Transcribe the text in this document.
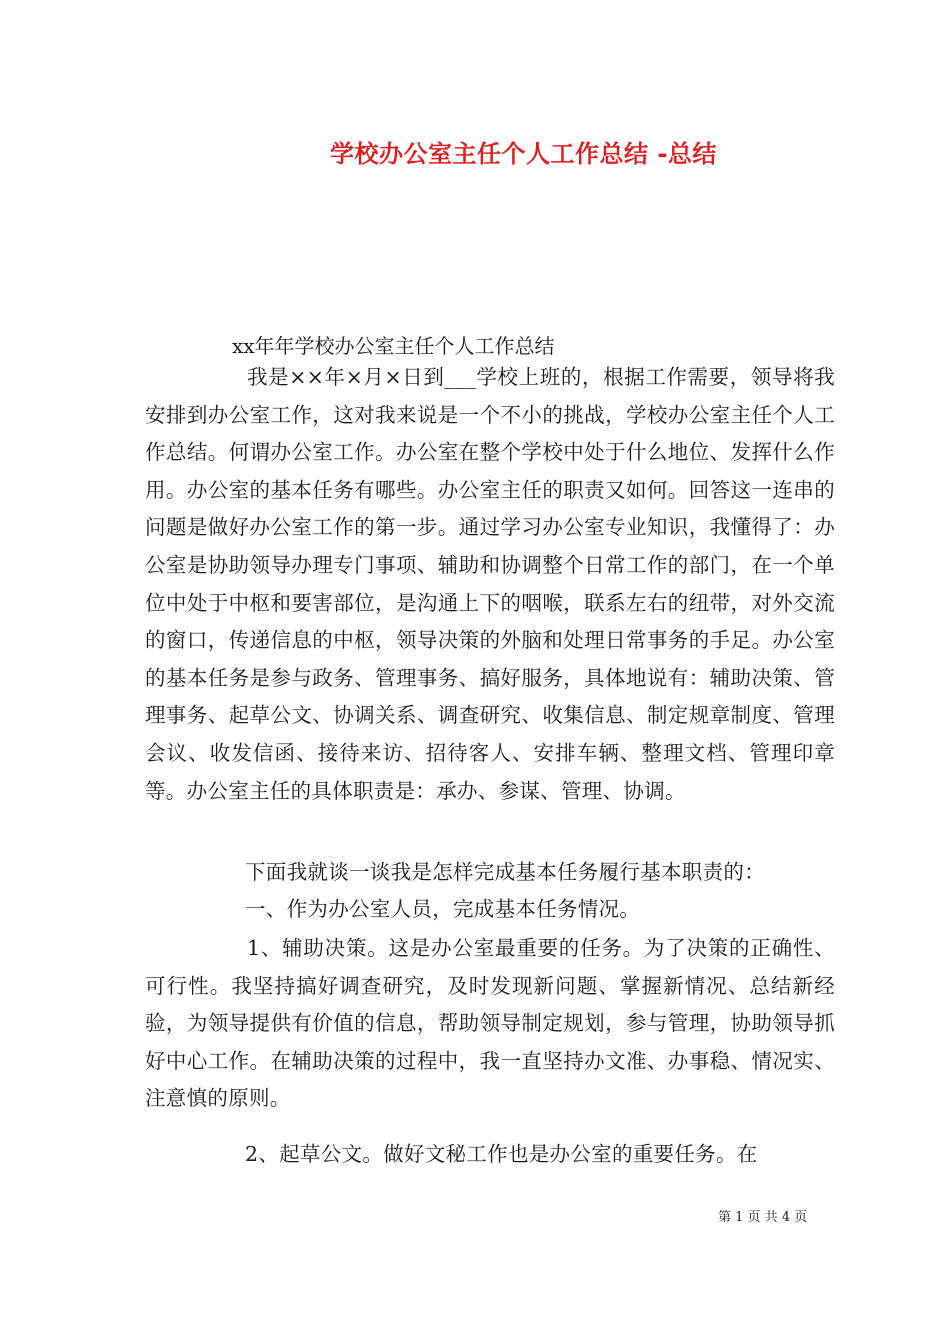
学校办公室主任个人工作总结 -总结
xx年年学校办公室主任个人工作总结

我是××年×月×日到___学校上班的，根据工作需要，领导将我安排到办公室工作，这对我来说是一个不小的挑战，学校办公室主任个人工作总结。何谓办公室工作。办公室在整个学校中处于什么地位、发挥什么作用。办公室的基本任务有哪些。办公室主任的职责又如何。回答这一连串的问题是做好办公室工作的第一步。通过学习办公室专业知识，我懂得了：办公室是协助领导办理专门事项、辅助和协调整个日常工作的部门，在一个单位中处于中枢和要害部位，是沟通上下的咽喉，联系左右的纽带，对外交流的窗口，传递信息的中枢，领导决策的外脑和处理日常事务的手足。办公室的基本任务是参与政务、管理事务、搞好服务，具体地说有：辅助决策、管理事务、起草公文、协调关系、调查研究、收集信息、制定规章制度、管理会议、收发信函、接待来访、招待客人、安排车辆、整理文档、管理印章等。办公室主任的具体职责是：承办、参谋、管理、协调。

下面我就谈一谈我是怎样完成基本任务履行基本职责的：

一、作为办公室人员，完成基本任务情况。

1、辅助决策。这是办公室最重要的任务。为了决策的正确性、可行性。我坚持搞好调查研究，及时发现新问题、掌握新情况、总结新经验，为领导提供有价值的信息，帮助领导制定规划，参与管理，协助领导抓好中心工作。在辅助决策的过程中，我一直坚持办文准、办事稳、情况实、注意慎的原则。

2、起草公文。做好文秘工作也是办公室的重要任务。在

第 1 页 共 4 页
